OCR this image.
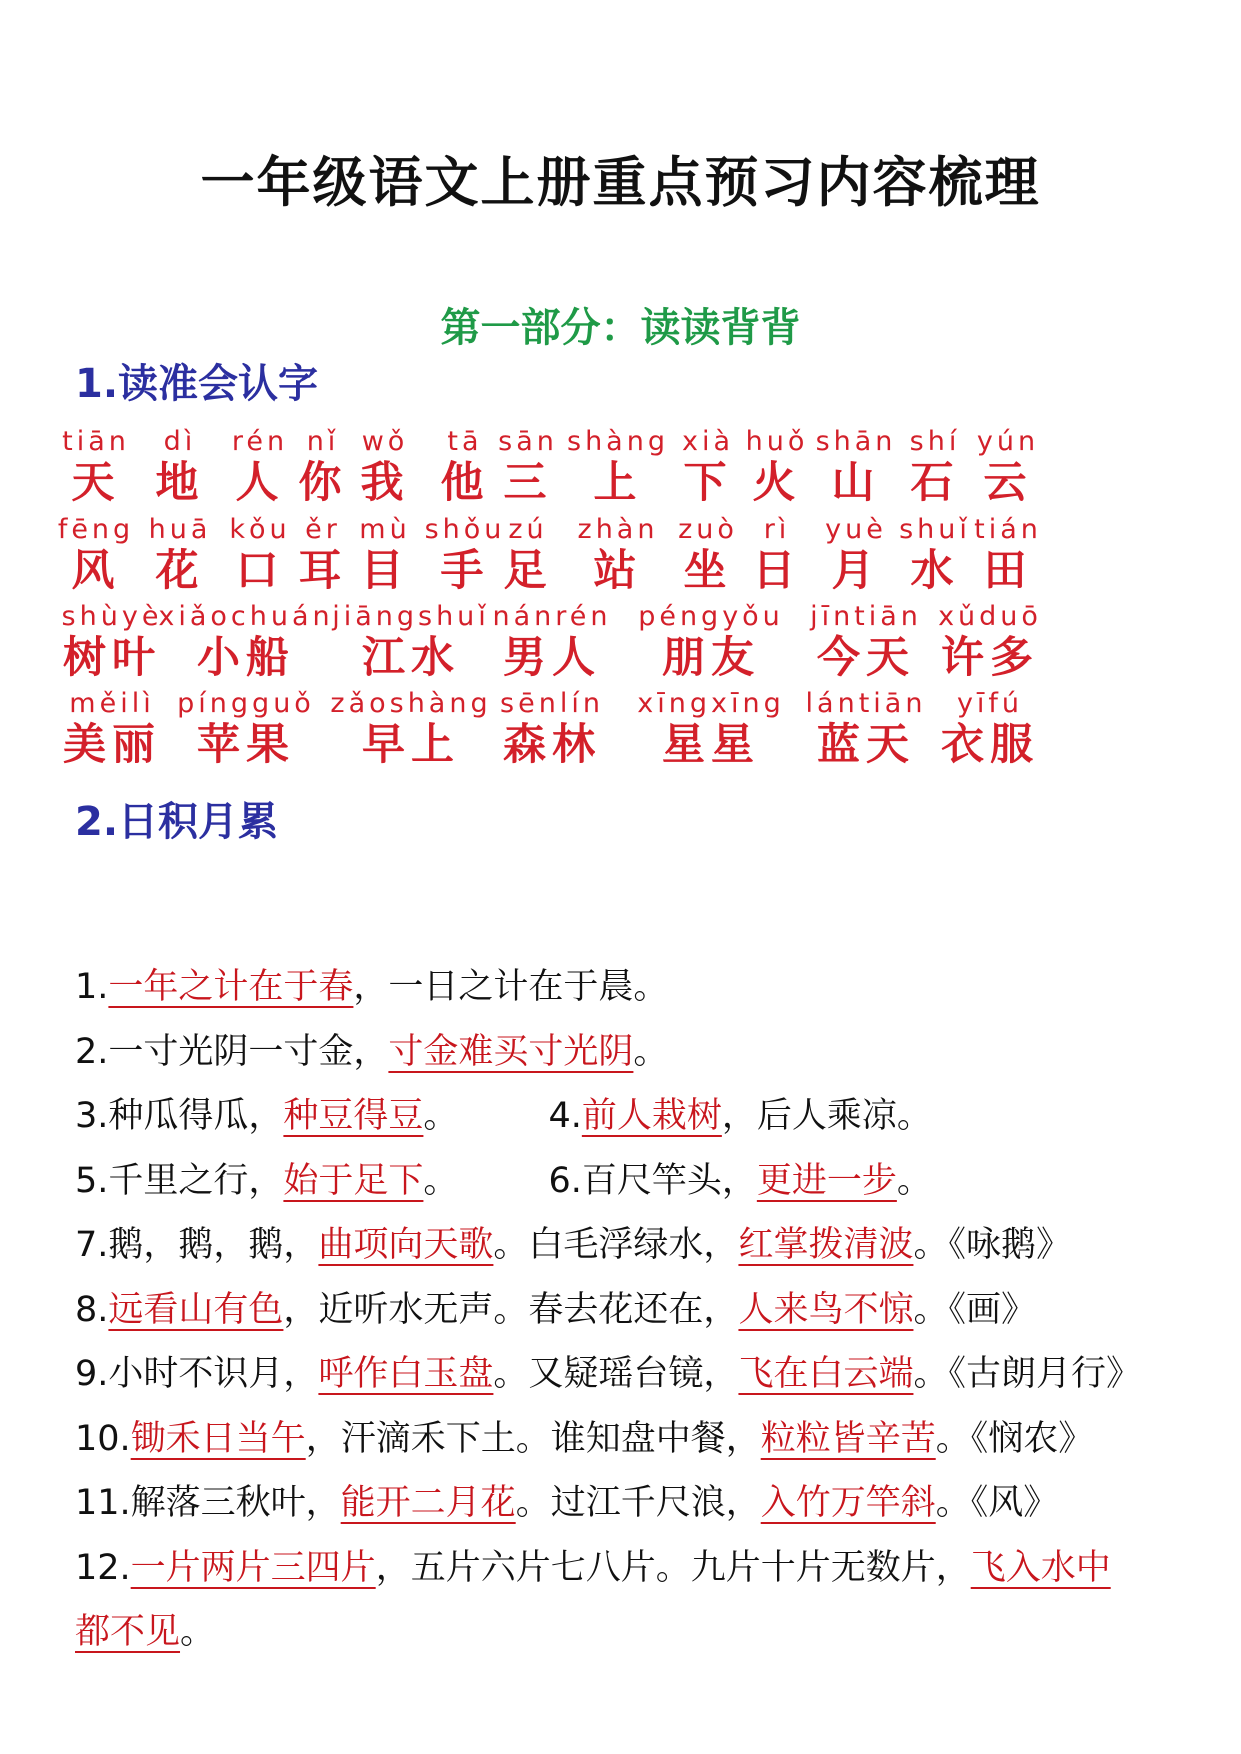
一年级语文上册重点预习内容梳理
第一部分：读读背背
1.读准会认字
tiān
天
dì
地
rén
人
nǐ
你
wǒ
我
tā
他
sān
三
shàng
上
xià
下
huǒ
火
shān
山
shí
石
yún
云
fēng
风
huā
花
kǒu
口
ěr
耳
mù
目
shǒu
手
zú
足
zhàn
站
zuò
坐
rì
日
yuè
月
shuǐ
水
tián
田
shùyè
树叶
xiǎochuán
小船
jiāngshuǐ
江水
nánrén
男人
péngyǒu
朋友
jīntiān
今天
xǔduō
许多
měilì
美丽
píngguǒ
苹果
zǎoshàng
早上
sēnlín
森林
xīngxīng
星星
lántiān
蓝天
yīfú
衣服
2.日积月累
1.一年之计在于春，一日之计在于晨。
2.一寸光阴一寸金，寸金难买寸光阴。
3.种瓜得瓜，种豆得豆。	4.前人栽树，后人乘凉。
5.千里之行，始于足下。	6.百尺竿头，更进一步。
7.鹅，鹅，鹅，曲项向天歌。白毛浮绿水，红掌拨清波。《咏鹅》
8.远看山有色，近听水无声。春去花还在，人来鸟不惊。《画》
9.小时不识月，呼作白玉盘。又疑瑶台镜，飞在白云端。《古朗月行》
10.锄禾日当午，汗滴禾下土。谁知盘中餐，粒粒皆辛苦。《悯农》
11.解落三秋叶，能开二月花。过江千尺浪，入竹万竿斜。《风》
12.一片两片三四片，五片六片七八片。九片十片无数片，飞入水中
都不见。
